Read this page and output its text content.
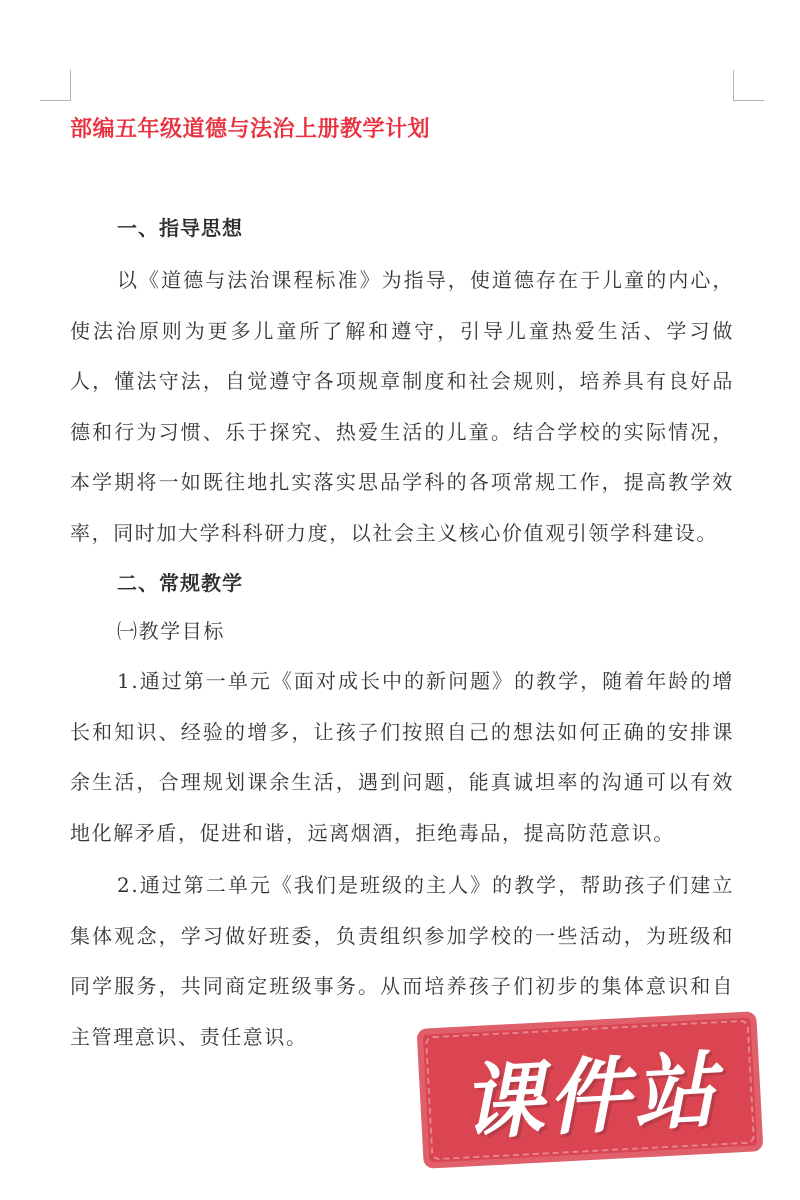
部编五年级道德与法治上册教学计划
一、指导思想

以《道德与法治课程标准》为指导，使道德存在于儿童的内心，使法治原则为更多儿童所了解和遵守，引导儿童热爱生活、学习做人，懂法守法，自觉遵守各项规章制度和社会规则，培养具有良好品德和行为习惯、乐于探究、热爱生活的儿童。结合学校的实际情况，本学期将一如既往地扎实落实思品学科的各项常规工作，提高教学效率，同时加大学科科研力度，以社会主义核心价值观引领学科建设。

二、常规教学

㈠教学目标

1.通过第一单元《面对成长中的新问题》的教学，随着年龄的增长和知识、经验的增多，让孩子们按照自己的想法如何正确的安排课余生活，合理规划课余生活，遇到问题，能真诚坦率的沟通可以有效地化解矛盾，促进和谐，远离烟酒，拒绝毒品，提高防范意识。

2.通过第二单元《我们是班级的主人》的教学，帮助孩子们建立集体观念，学习做好班委，负责组织参加学校的一些活动，为班级和同学服务，共同商定班级事务。从而培养孩子们初步的集体意识和自主管理意识、责任意识。

课件站
